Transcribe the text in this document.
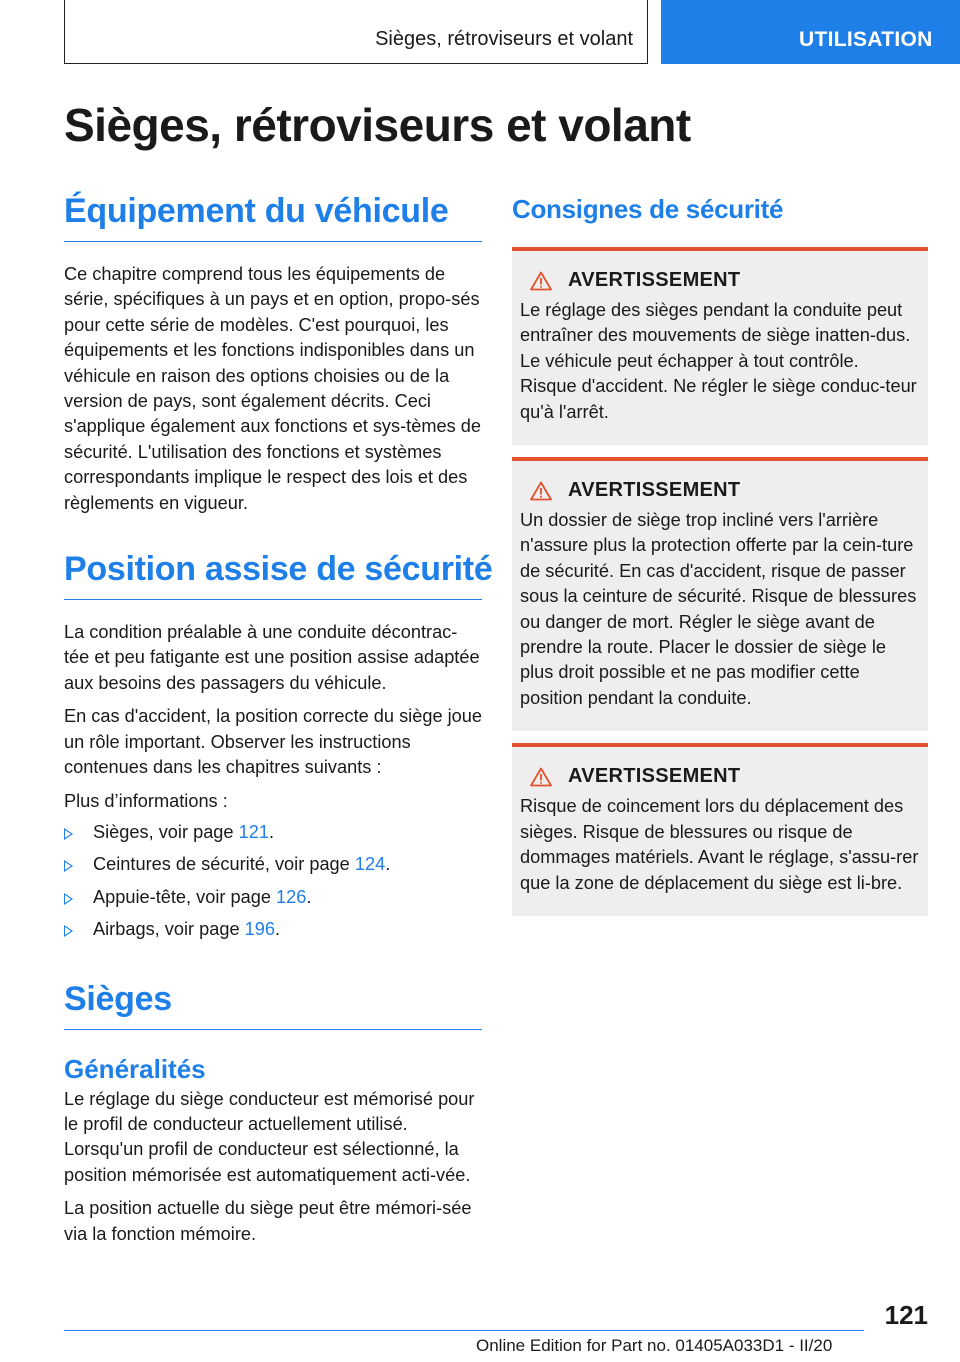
Sièges, rétroviseurs et volant	UTILISATION
Sièges, rétroviseurs et volant
Équipement du véhicule

Ce chapitre comprend tous les équipements de série, spécifiques à un pays et en option, propo-sés pour cette série de modèles. C'est pourquoi, les équipements et les fonctions indisponibles dans un véhicule en raison des options choisies ou de la version de pays, sont également décrits. Ceci s'applique également aux fonctions et sys-tèmes de sécurité. L'utilisation des fonctions et systèmes correspondants implique le respect des lois et des règlements en vigueur.

Position assise de sécurité

La condition préalable à une conduite décontrac-tée et peu fatigante est une position assise adaptée aux besoins des passagers du véhicule.

En cas d'accident, la position correcte du siège joue un rôle important. Observer les instructions contenues dans les chapitres suivants :

Plus d’informations :

Sièges, voir page 121.
Ceintures de sécurité, voir page 124.
Appuie-tête, voir page 126.
Airbags, voir page 196.
Sièges
Généralités

Le réglage du siège conducteur est mémorisé pour le profil de conducteur actuellement utilisé. Lorsqu'un profil de conducteur est sélectionné, la position mémorisée est automatiquement acti-vée.

La position actuelle du siège peut être mémori-sée via la fonction mémoire.

Consignes de sécurité
AVERTISSEMENT

Le réglage des sièges pendant la conduite peut entraîner des mouvements de siège inatten-dus. Le véhicule peut échapper à tout contrôle. Risque d'accident. Ne régler le siège conduc-teur qu'à l'arrêt.

AVERTISSEMENT

Un dossier de siège trop incliné vers l'arrière n'assure plus la protection offerte par la cein-ture de sécurité. En cas d'accident, risque de passer sous la ceinture de sécurité. Risque de blessures ou danger de mort. Régler le siège avant de prendre la route. Placer le dossier de siège le plus droit possible et ne pas modifier cette position pendant la conduite.

AVERTISSEMENT

Risque de coincement lors du déplacement des sièges. Risque de blessures ou risque de dommages matériels. Avant le réglage, s'assu-rer que la zone de déplacement du siège est li-bre.

121
Online Edition for Part no. 01405A033D1 - II/20
